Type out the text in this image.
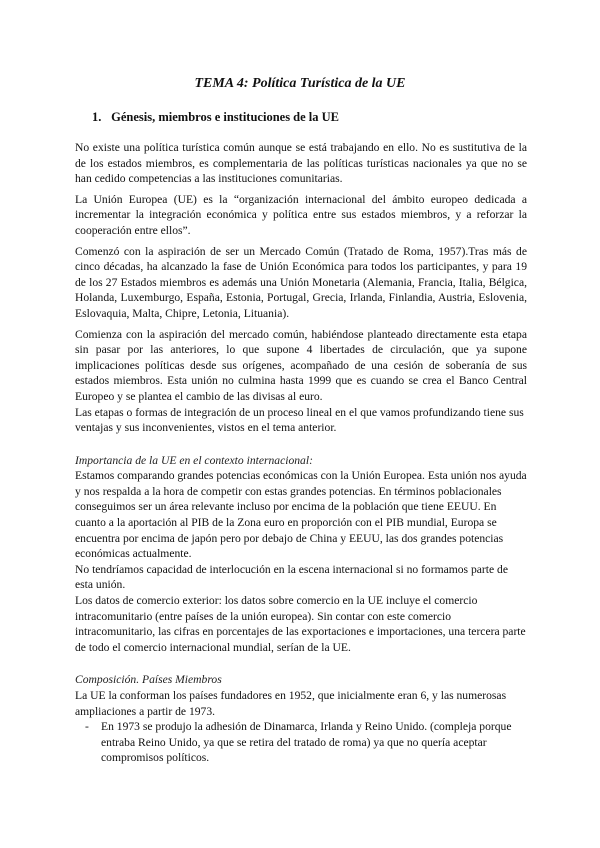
TEMA 4: Política Turística de la UE
1. Génesis, miembros e instituciones de la UE

No existe una política turística común aunque se está trabajando en ello. No es sustitutiva de la de los estados miembros, es complementaria de las políticas turísticas nacionales ya que no se han cedido competencias a las instituciones comunitarias.

La Unión Europea (UE) es la “organización internacional del ámbito europeo dedicada a incrementar la integración económica y política entre sus estados miembros, y a reforzar la cooperación entre ellos”.

Comenzó con la aspiración de ser un Mercado Común (Tratado de Roma, 1957).Tras más de cinco décadas, ha alcanzado la fase de Unión Económica para todos los participantes, y para 19 de los 27 Estados miembros es además una Unión Monetaria (Alemania, Francia, Italia, Bélgica, Holanda, Luxemburgo, España, Estonia, Portugal, Grecia, Irlanda, Finlandia, Austria, Eslovenia, Eslovaquia, Malta, Chipre, Letonia, Lituania).

Comienza con la aspiración del mercado común, habiéndose planteado directamente esta etapa sin pasar por las anteriores, lo que supone 4 libertades de circulación, que ya supone implicaciones políticas desde sus orígenes, acompañado de una cesión de soberanía de sus estados miembros. Esta unión no culmina hasta 1999 que es cuando se crea el Banco Central Europeo y se plantea el cambio de las divisas al euro.

Las etapas o formas de integración de un proceso lineal en el que vamos profundizando tiene sus ventajas y sus inconvenientes, vistos en el tema anterior.

Importancia de la UE en el contexto internacional:

Estamos comparando grandes potencias económicas con la Unión Europea. Esta unión nos ayuda y nos respalda a la hora de competir con estas grandes potencias. En términos poblacionales conseguimos ser un área relevante incluso por encima de la población que tiene EEUU. En cuanto a la aportación al PIB de la Zona euro en proporción con el PIB mundial, Europa se encuentra por encima de japón pero por debajo de China y EEUU, las dos grandes potencias económicas actualmente.

No tendríamos capacidad de interlocución en la escena internacional si no formamos parte de esta unión.

Los datos de comercio exterior: los datos sobre comercio en la UE incluye el comercio intracomunitario (entre países de la unión europea). Sin contar con este comercio intracomunitario, las cifras en porcentajes de las exportaciones e importaciones, una tercera parte de todo el comercio internacional mundial, serían de la UE.

Composición. Países Miembros

La UE la conforman los países fundadores en 1952, que inicialmente eran 6, y las numerosas ampliaciones a partir de 1973.

- En 1973 se produjo la adhesión de Dinamarca, Irlanda y Reino Unido. (compleja porque entraba Reino Unido, ya que se retira del tratado de roma) ya que no quería aceptar compromisos políticos.
